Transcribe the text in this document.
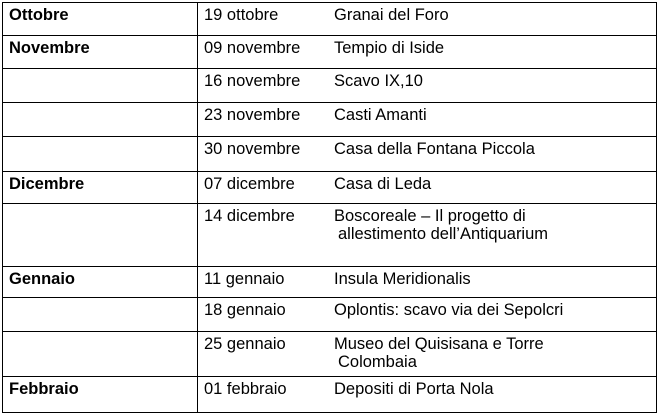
Ottobre	19 ottobre Granai del Foro

Novembre	09 novembre Tempio di Iside

	16 novembre Scavo IX,10

	23 novembre Casti Amanti

	30 novembre Casa della Fontana Piccola

Dicembre	07 dicembre Casa di Leda

	14 dicembre Boscoreale – Il progetto di
allestimento dell’Antiquarium

Gennaio	11 gennaio Insula Meridionalis

	18 gennaio Oplontis: scavo via dei Sepolcri

	25 gennaio Museo del Quisisana e Torre
Colombaia

Febbraio	01 febbraio Depositi di Porta Nola
